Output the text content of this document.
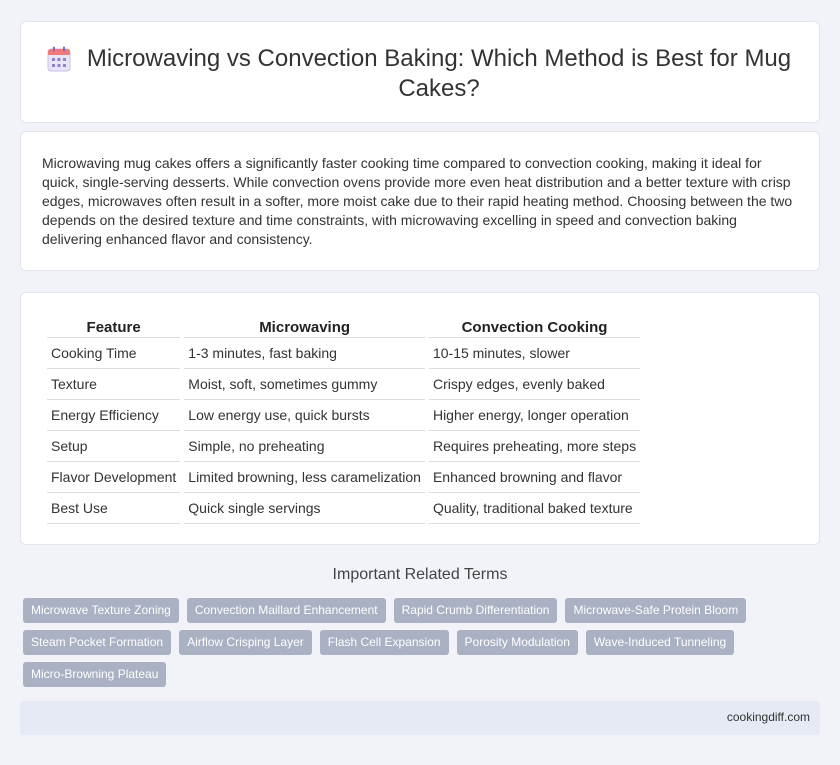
Microwaving vs Convection Baking: Which Method is Best for Mug Cakes?

Microwaving mug cakes offers a significantly faster cooking time compared to convection cooking, making it ideal for quick, single-serving desserts. While convection ovens provide more even heat distribution and a better texture with crisp edges, microwaves often result in a softer, more moist cake due to their rapid heating method. Choosing between the two depends on the desired texture and time constraints, with microwaving excelling in speed and convection baking delivering enhanced flavor and consistency.

Feature	Microwaving	Convection Cooking
Cooking Time	1-3 minutes, fast baking	10-15 minutes, slower
Texture	Moist, soft, sometimes gummy	Crispy edges, evenly baked
Energy Efficiency	Low energy use, quick bursts	Higher energy, longer operation
Setup	Simple, no preheating	Requires preheating, more steps
Flavor Development	Limited browning, less caramelization	Enhanced browning and flavor
Best Use	Quick single servings	Quality, traditional baked texture
Important Related Terms
Microwave Texture Zoning	Convection Maillard Enhancement	Rapid Crumb Differentiation	Microwave-Safe Protein Bloom
Steam Pocket Formation	Airflow Crisping Layer	Flash Cell Expansion	Porosity Modulation	Wave-Induced Tunneling
Micro-Browning Plateau
cookingdiff.com
